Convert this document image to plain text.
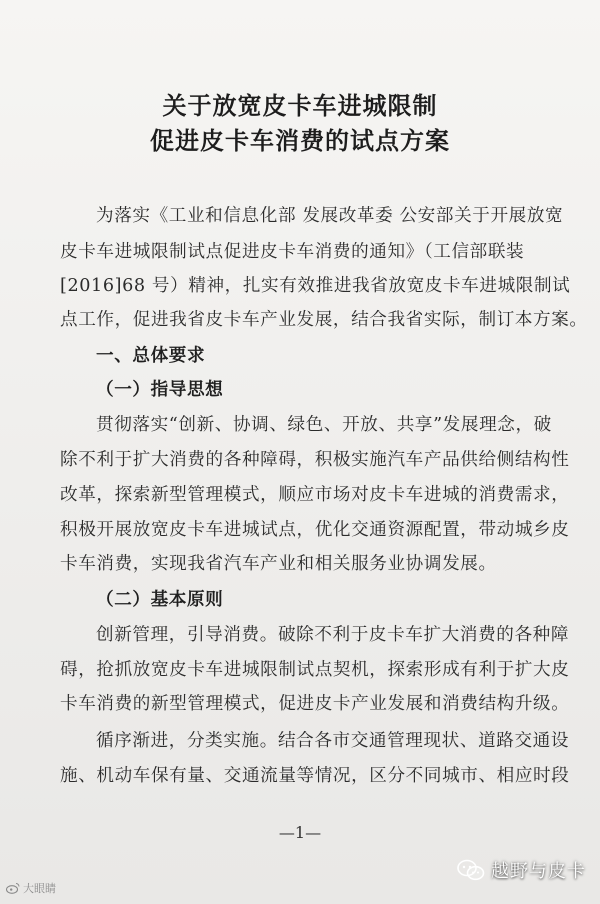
关于放宽皮卡车进城限制
促进皮卡车消费的试点方案
为落实《工业和信息化部 发展改革委 公安部关于开展放宽
皮卡车进城限制试点促进皮卡车消费的通知》（工信部联装
[2016]68 号）精神，扎实有效推进我省放宽皮卡车进城限制试
点工作，促进我省皮卡车产业发展，结合我省实际，制订本方案。
一、总体要求
（一）指导思想
贯彻落实“创新、协调、绿色、开放、共享”发展理念，破
除不利于扩大消费的各种障碍，积极实施汽车产品供给侧结构性
改革，探索新型管理模式，顺应市场对皮卡车进城的消费需求，
积极开展放宽皮卡车进城试点，优化交通资源配置，带动城乡皮
卡车消费，实现我省汽车产业和相关服务业协调发展。
（二）基本原则
创新管理，引导消费。破除不利于皮卡车扩大消费的各种障
碍，抢抓放宽皮卡车进城限制试点契机，探索形成有利于扩大皮
卡车消费的新型管理模式，促进皮卡产业发展和消费结构升级。
循序渐进，分类实施。结合各市交通管理现状、道路交通设
施、机动车保有量、交通流量等情况，区分不同城市、相应时段
—1—
大眼睛
越野与皮卡
